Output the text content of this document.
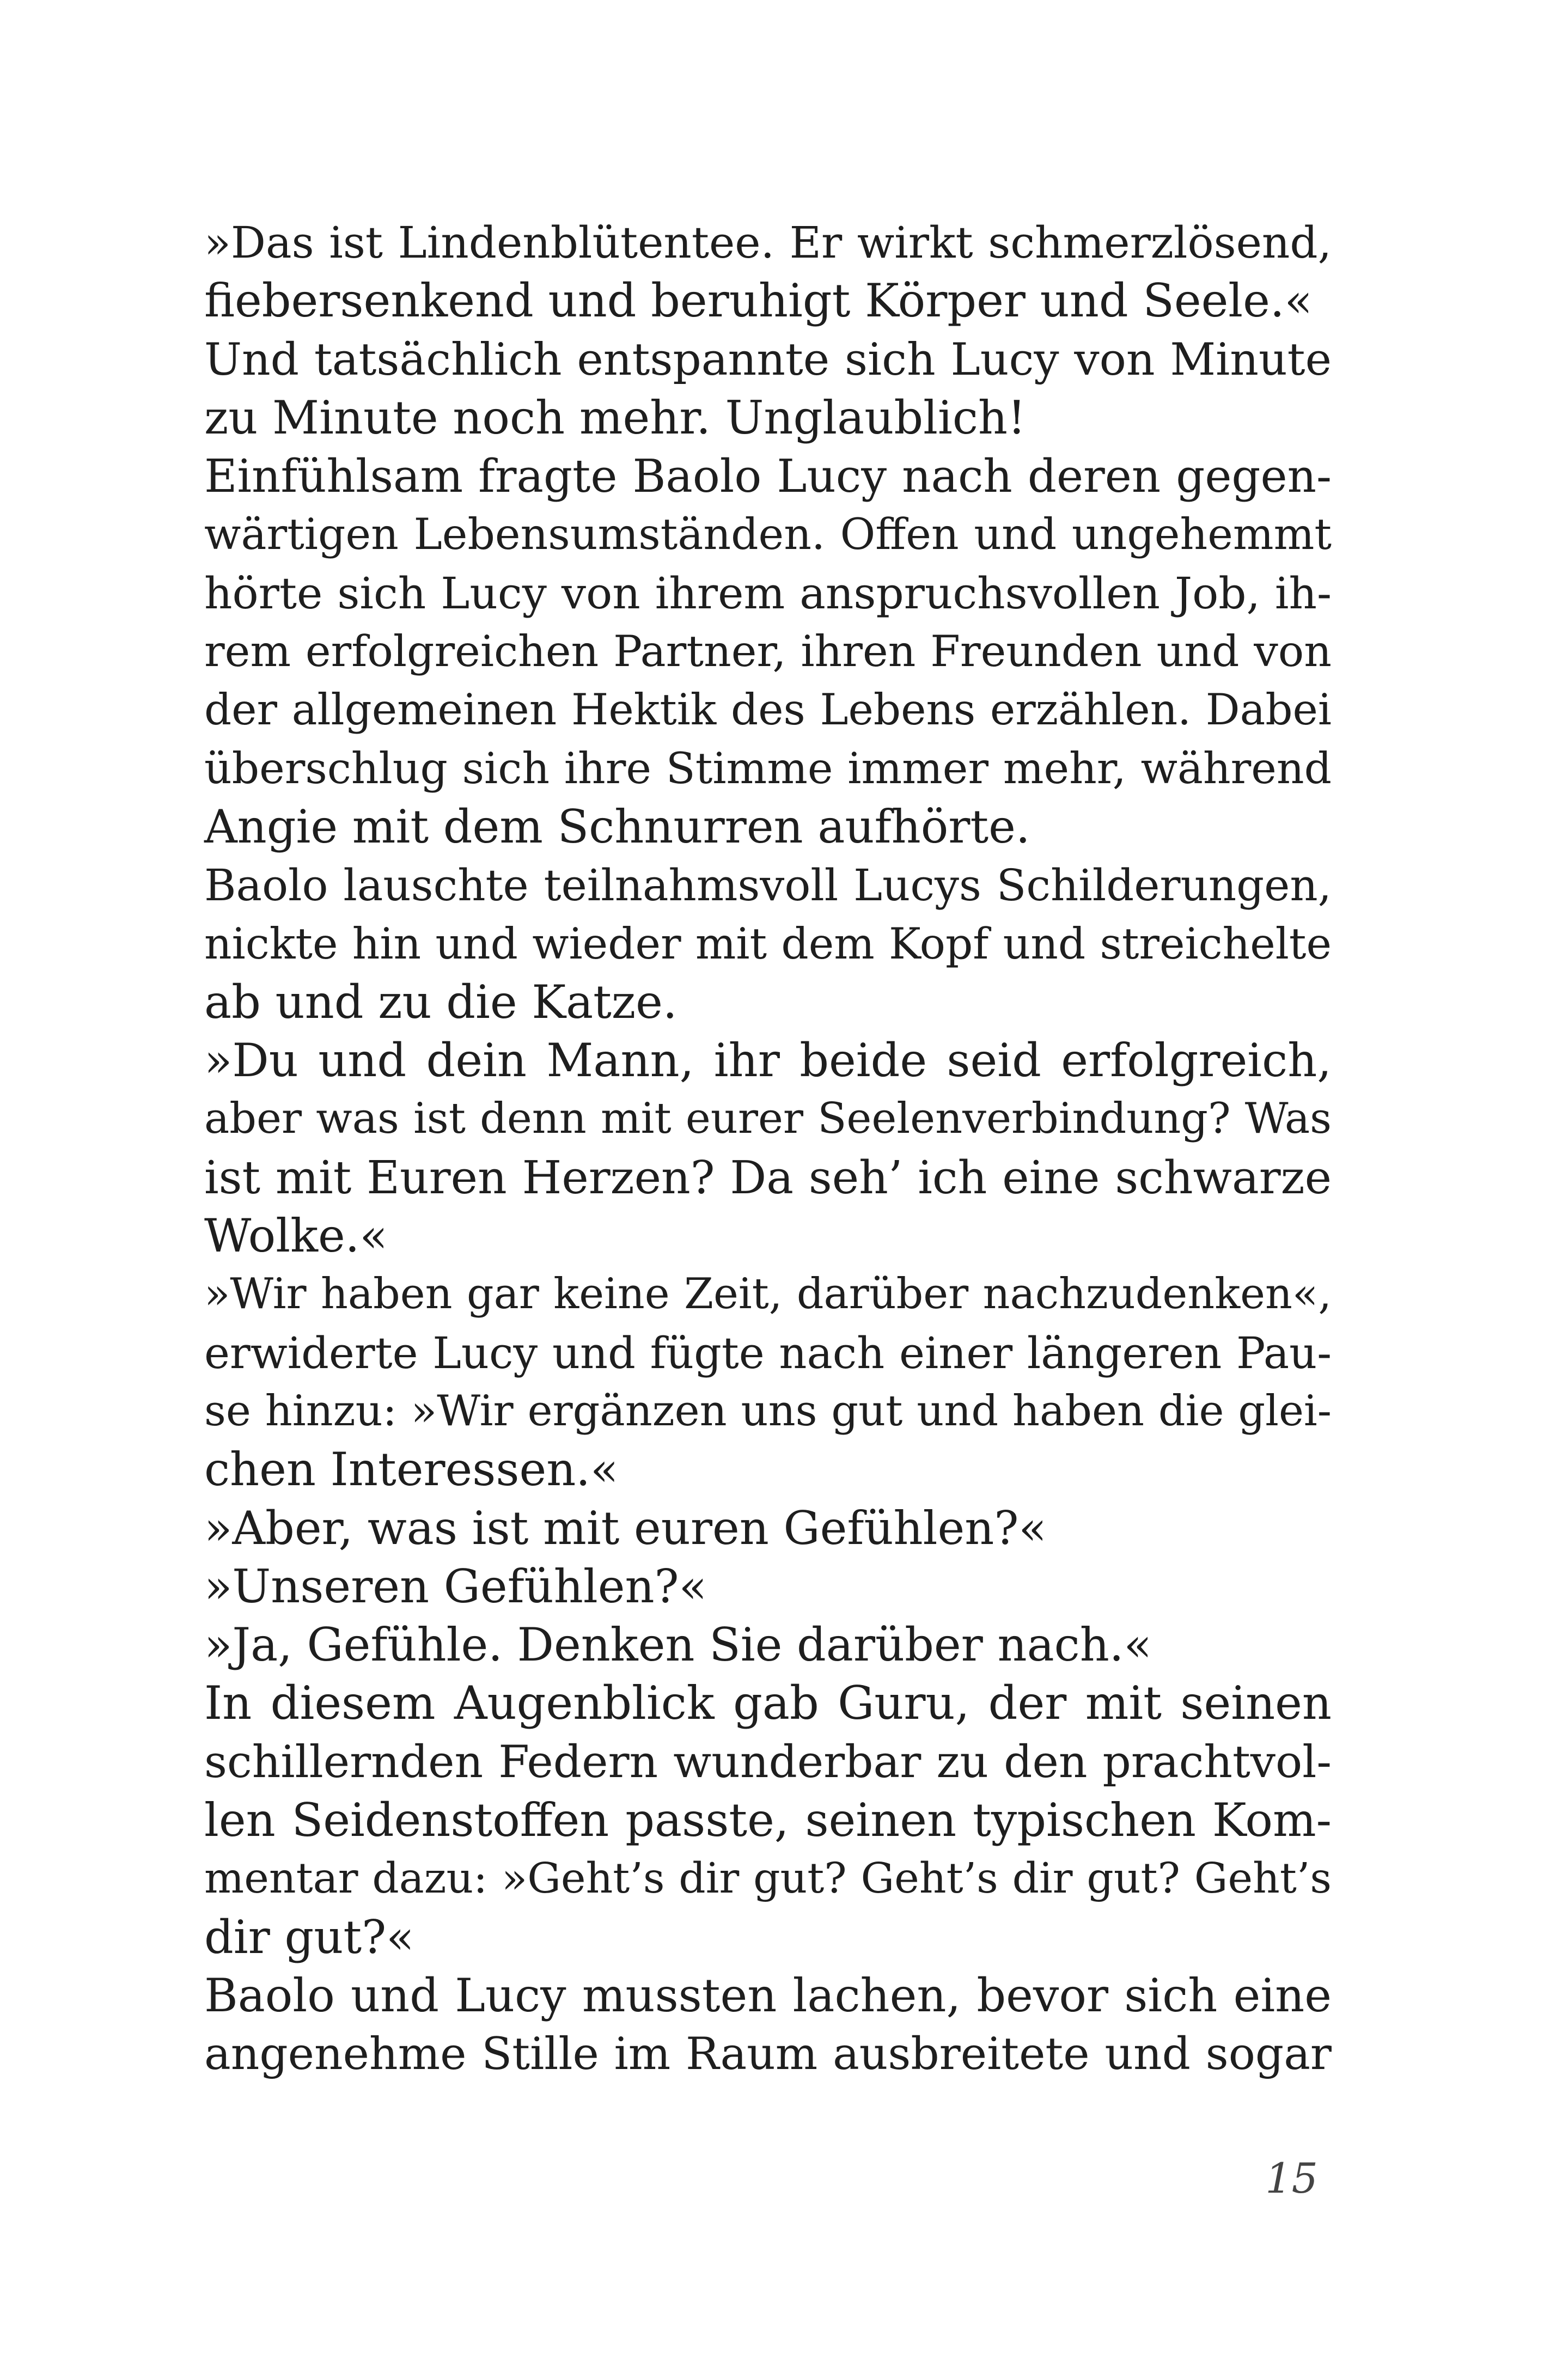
»Das ist Lindenblütentee. Er wirkt schmerzlösend,
fiebersenkend und beruhigt Körper und Seele.«
Und tatsächlich entspannte sich Lucy von Minute
zu Minute noch mehr. Unglaublich!
Einfühlsam fragte Baolo Lucy nach deren gegen-
wärtigen Lebensumständen. Offen und ungehemmt
hörte sich Lucy von ihrem anspruchsvollen Job, ih-
rem erfolgreichen Partner, ihren Freunden und von
der allgemeinen Hektik des Lebens erzählen. Dabei
überschlug sich ihre Stimme immer mehr, während
Angie mit dem Schnurren aufhörte.
Baolo lauschte teilnahmsvoll Lucys Schilderungen,
nickte hin und wieder mit dem Kopf und streichelte
ab und zu die Katze.
»Du und dein Mann, ihr beide seid erfolgreich,
aber was ist denn mit eurer Seelenverbindung? Was
ist mit Euren Herzen? Da seh’ ich eine schwarze
Wolke.«
»Wir haben gar keine Zeit, darüber nachzudenken«,
erwiderte Lucy und fügte nach einer längeren Pau-
se hinzu: »Wir ergänzen uns gut und haben die glei-
chen Interessen.«
»Aber, was ist mit euren Gefühlen?«
»Unseren Gefühlen?«
»Ja, Gefühle. Denken Sie darüber nach.«
In diesem Augenblick gab Guru, der mit seinen
schillernden Federn wunderbar zu den prachtvol-
len Seidenstoffen passte, seinen typischen Kom-
mentar dazu: »Geht’s dir gut? Geht’s dir gut? Geht’s
dir gut?«
Baolo und Lucy mussten lachen, bevor sich eine
angenehme Stille im Raum ausbreitete und sogar
15
